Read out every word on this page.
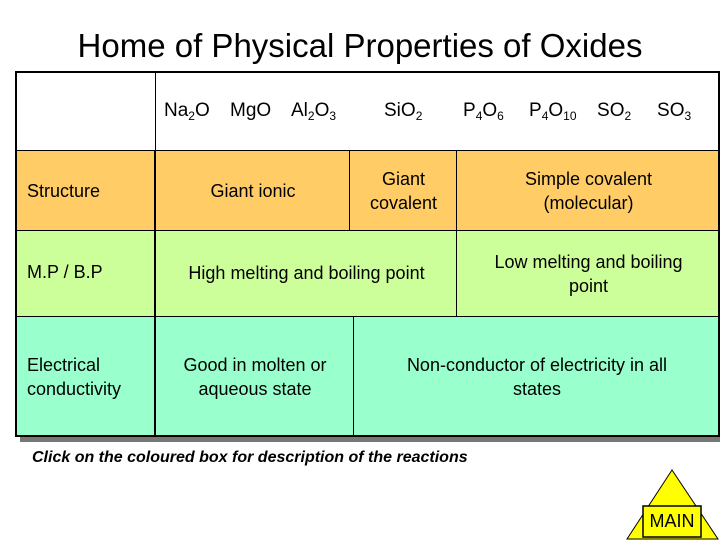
Home of Physical Properties of Oxides
$Na_2O$ MgO $Al_2O_3$	SiO$_2$ $P_4O_6$ $P_4O_{10}$ $SO_2$ $SO_3$
Structure
M.P / B.P
Electrical
conductivity
Giant ionic
Giant
covalent
Simple covalent
(molecular)
High melting and boiling point
Low melting and boiling
point
Good in molten or
aqueous state
Non-conductor of electricity in all
states
Click on the coloured box for description of the reactions
MAIN
